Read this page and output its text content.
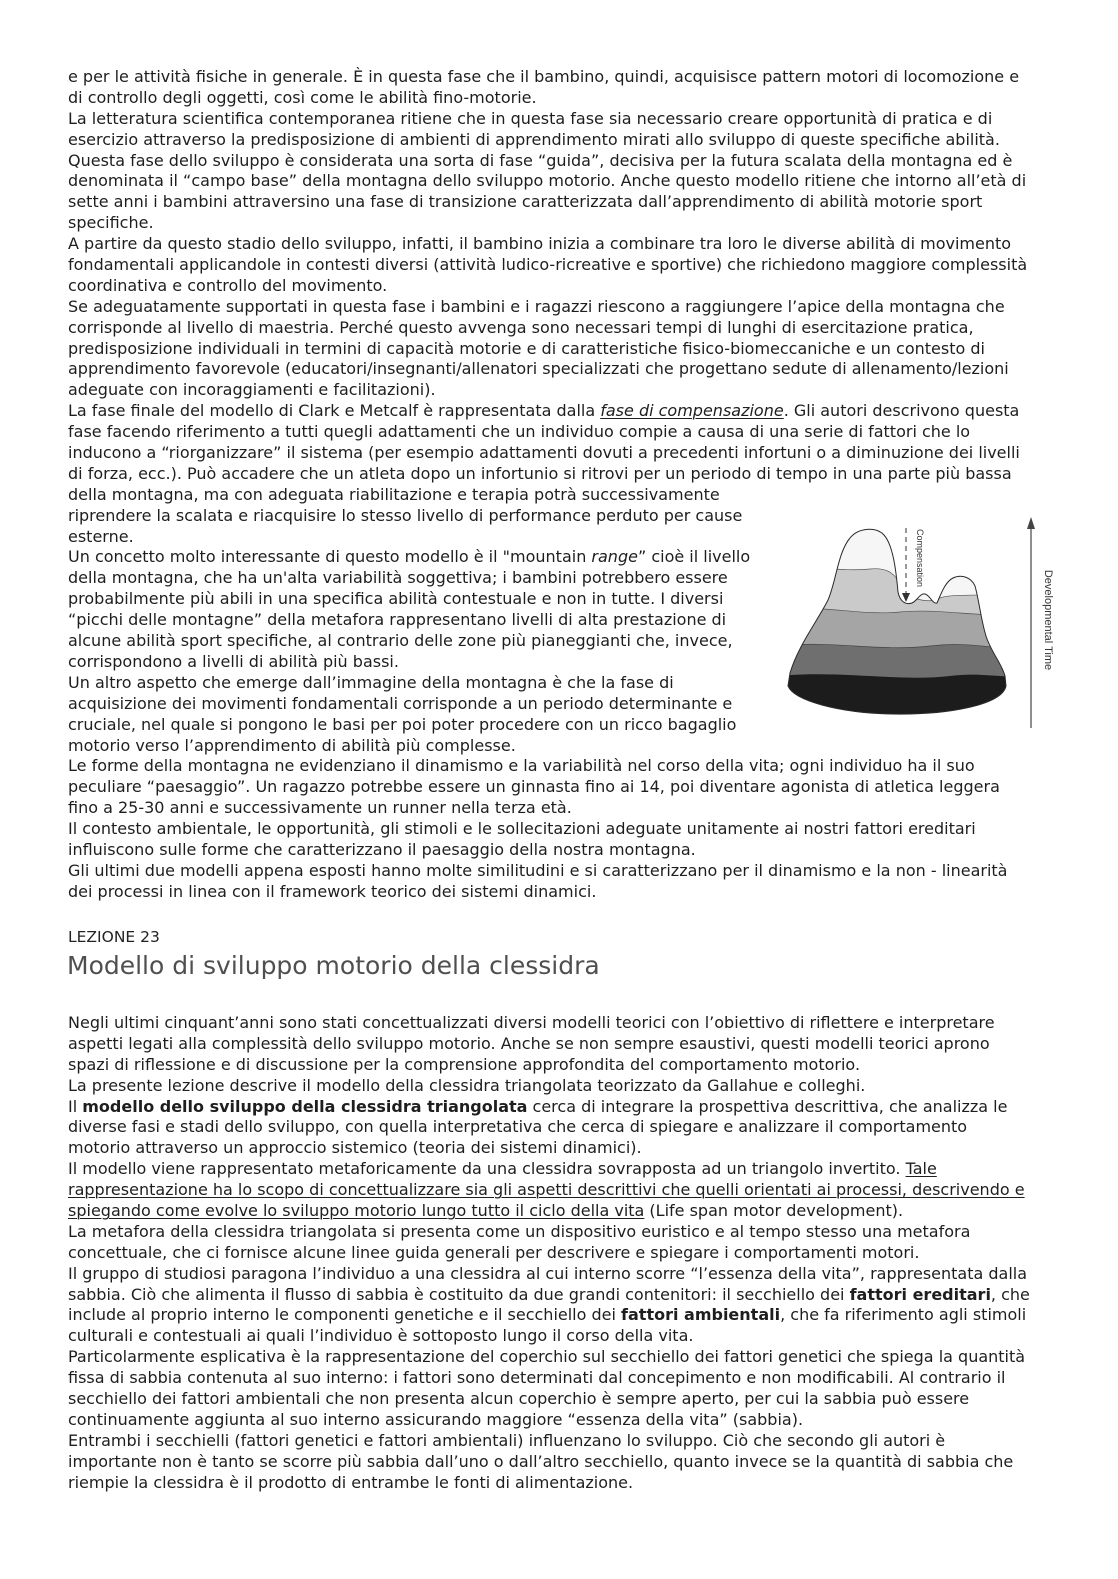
e per le attività fisiche in generale. È in questa fase che il bambino, quindi, acquisisce pattern motori di locomozione e
di controllo degli oggetti, così come le abilità fino-motorie.
La letteratura scientifica contemporanea ritiene che in questa fase sia necessario creare opportunità di pratica e di
esercizio attraverso la predisposizione di ambienti di apprendimento mirati allo sviluppo di queste specifiche abilità.
Questa fase dello sviluppo è considerata una sorta di fase “guida”, decisiva per la futura scalata della montagna ed è
denominata il “campo base” della montagna dello sviluppo motorio. Anche questo modello ritiene che intorno all’età di
sette anni i bambini attraversino una fase di transizione caratterizzata dall’apprendimento di abilità motorie sport
specifiche.
A partire da questo stadio dello sviluppo, infatti, il bambino inizia a combinare tra loro le diverse abilità di movimento
fondamentali applicandole in contesti diversi (attività ludico-ricreative e sportive) che richiedono maggiore complessità
coordinativa e controllo del movimento.
Se adeguatamente supportati in questa fase i bambini e i ragazzi riescono a raggiungere l’apice della montagna che
corrisponde al livello di maestria. Perché questo avvenga sono necessari tempi di lunghi di esercitazione pratica,
predisposizione individuali in termini di capacità motorie e di caratteristiche fisico-biomeccaniche e un contesto di
apprendimento favorevole (educatori/insegnanti/allenatori specializzati che progettano sedute di allenamento/lezioni
adeguate con incoraggiamenti e facilitazioni).
La fase finale del modello di Clark e Metcalf è rappresentata dalla fase di compensazione. Gli autori descrivono questa
fase facendo riferimento a tutti quegli adattamenti che un individuo compie a causa di una serie di fattori che lo
inducono a “riorganizzare” il sistema (per esempio adattamenti dovuti a precedenti infortuni o a diminuzione dei livelli
di forza, ecc.). Può accadere che un atleta dopo un infortunio si ritrovi per un periodo di tempo in una parte più bassa
della montagna, ma con adeguata riabilitazione e terapia potrà successivamente
riprendere la scalata e riacquisire lo stesso livello di performance perduto per cause
esterne.
Un concetto molto interessante di questo modello è il "mountain range” cioè il livello
della montagna, che ha un'alta variabilità soggettiva; i bambini potrebbero essere
probabilmente più abili in una specifica abilità contestuale e non in tutte. I diversi
“picchi delle montagne” della metafora rappresentano livelli di alta prestazione di
alcune abilità sport specifiche, al contrario delle zone più pianeggianti che, invece,
corrispondono a livelli di abilità più bassi.
Un altro aspetto che emerge dall’immagine della montagna è che la fase di
acquisizione dei movimenti fondamentali corrisponde a un periodo determinante e
cruciale, nel quale si pongono le basi per poi poter procedere con un ricco bagaglio
motorio verso l’apprendimento di abilità più complesse.
Le forme della montagna ne evidenziano il dinamismo e la variabilità nel corso della vita; ogni individuo ha il suo
peculiare “paesaggio”. Un ragazzo potrebbe essere un ginnasta fino ai 14, poi diventare agonista di atletica leggera
fino a 25-30 anni e successivamente un runner nella terza età.
Il contesto ambientale, le opportunità, gli stimoli e le sollecitazioni adeguate unitamente ai nostri fattori ereditari
influiscono sulle forme che caratterizzano il paesaggio della nostra montagna.
Gli ultimi due modelli appena esposti hanno molte similitudini e si caratterizzano per il dinamismo e la non - linearità
dei processi in linea con il framework teorico dei sistemi dinamici.
Compensation
Developmental Time
LEZIONE 23
Modello di sviluppo motorio della clessidra
Negli ultimi cinquant’anni sono stati concettualizzati diversi modelli teorici con l’obiettivo di riflettere e interpretare
aspetti legati alla complessità dello sviluppo motorio. Anche se non sempre esaustivi, questi modelli teorici aprono
spazi di riflessione e di discussione per la comprensione approfondita del comportamento motorio.
La presente lezione descrive il modello della clessidra triangolata teorizzato da Gallahue e colleghi.
Il modello dello sviluppo della clessidra triangolata cerca di integrare la prospettiva descrittiva, che analizza le
diverse fasi e stadi dello sviluppo, con quella interpretativa che cerca di spiegare e analizzare il comportamento
motorio attraverso un approccio sistemico (teoria dei sistemi dinamici).
Il modello viene rappresentato metaforicamente da una clessidra sovrapposta ad un triangolo invertito. Tale
rappresentazione ha lo scopo di concettualizzare sia gli aspetti descrittivi che quelli orientati ai processi, descrivendo e
spiegando come evolve lo sviluppo motorio lungo tutto il ciclo della vita (Life span motor development).
La metafora della clessidra triangolata si presenta come un dispositivo euristico e al tempo stesso una metafora
concettuale, che ci fornisce alcune linee guida generali per descrivere e spiegare i comportamenti motori.
Il gruppo di studiosi paragona l’individuo a una clessidra al cui interno scorre “l’essenza della vita”, rappresentata dalla
sabbia. Ciò che alimenta il flusso di sabbia è costituito da due grandi contenitori: il secchiello dei fattori ereditari, che
include al proprio interno le componenti genetiche e il secchiello dei fattori ambientali, che fa riferimento agli stimoli
culturali e contestuali ai quali l’individuo è sottoposto lungo il corso della vita.
Particolarmente esplicativa è la rappresentazione del coperchio sul secchiello dei fattori genetici che spiega la quantità
fissa di sabbia contenuta al suo interno: i fattori sono determinati dal concepimento e non modificabili. Al contrario il
secchiello dei fattori ambientali che non presenta alcun coperchio è sempre aperto, per cui la sabbia può essere
continuamente aggiunta al suo interno assicurando maggiore “essenza della vita” (sabbia).
Entrambi i secchielli (fattori genetici e fattori ambientali) influenzano lo sviluppo. Ciò che secondo gli autori è
importante non è tanto se scorre più sabbia dall’uno o dall’altro secchiello, quanto invece se la quantità di sabbia che
riempie la clessidra è il prodotto di entrambe le fonti di alimentazione.
